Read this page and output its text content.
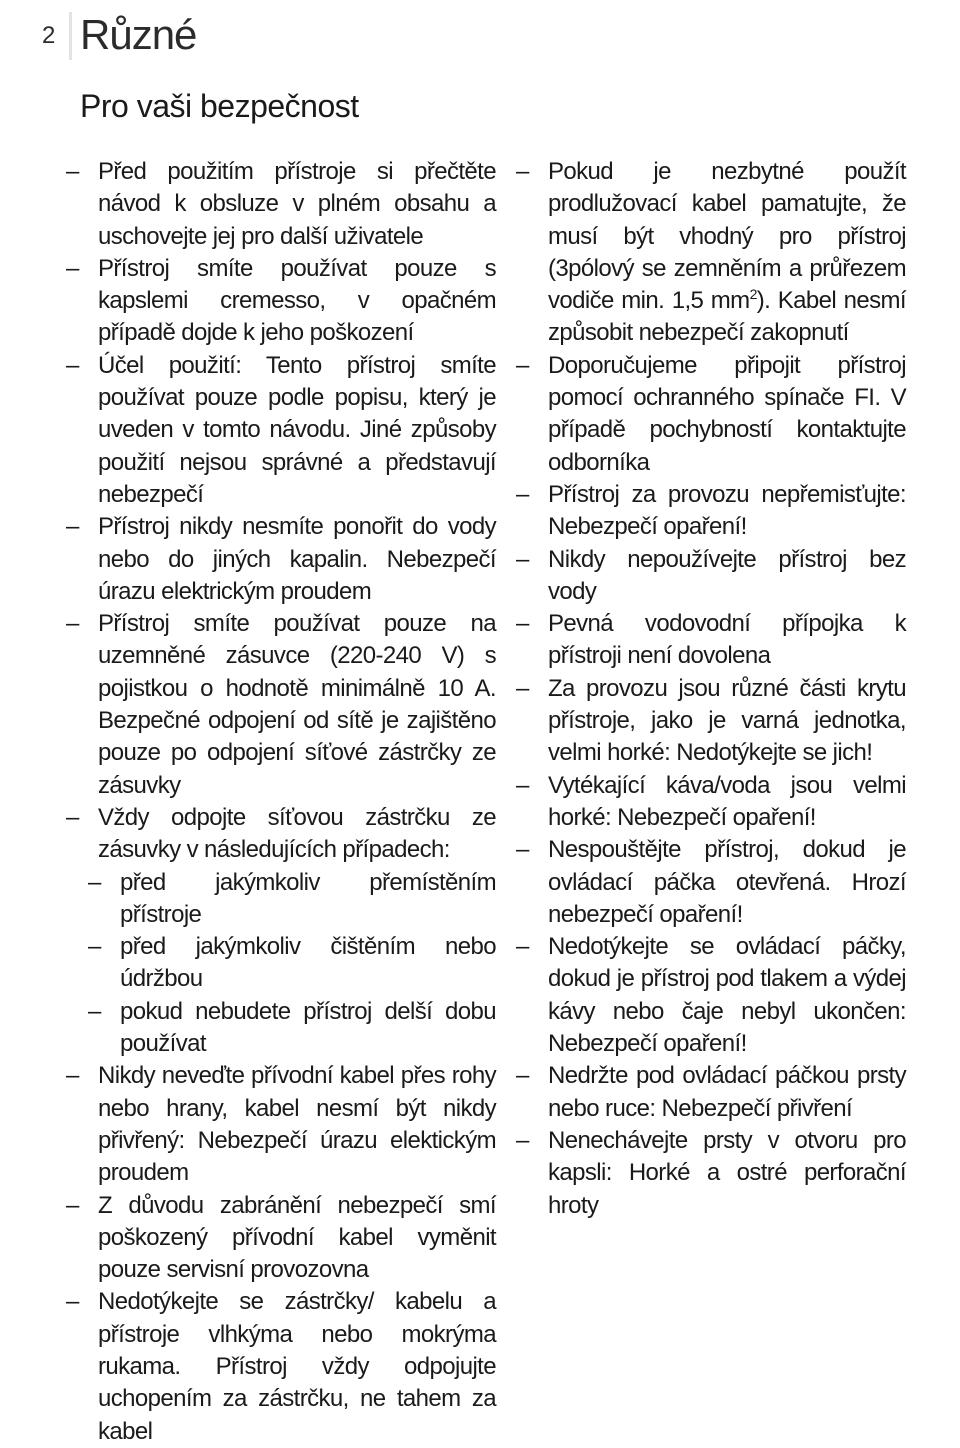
2 Různé
Pro vaši bezpečnost
– Před použitím přístroje si přečtěte návod k obsluze v plném obsahu a uschovejte jej pro další uživatele
– Přístroj smíte používat pouze s kapslemi cremesso, v opačném případě dojde k jeho poškození
– Účel použití: Tento přístroj smíte používat pouze podle popisu, který je uveden v tomto návodu. Jiné způsoby použití nejsou správné a představují nebezpečí
– Přístroj nikdy nesmíte ponořit do vody nebo do jiných kapalin. Nebezpečí úrazu elektrickým proudem
– Přístroj smíte používat pouze na uzemněné zásuvce (220-240 V) s pojistkou o hodnotě minimálně 10 A. Bezpečné odpojení od sítě je zajištěno pouze po odpojení síťové zástrčky ze zásuvky
– Vždy odpojte síťovou zástrčku ze zásuvky v následujících případech:
– před jakýmkoliv přemístěním přístroje
– před jakýmkoliv čištěním nebo údržbou
– pokud nebudete přístroj delší dobu používat
– Nikdy neveďte přívodní kabel přes rohy nebo hrany, kabel nesmí být nikdy přivřený: Nebezpečí úrazu elektickým proudem
– Z důvodu zabránění nebezpečí smí poškozený přívodní kabel vyměnit pouze servisní provozovna
– Nedotýkejte se zástrčky/ kabelu a přístroje vlhkýma nebo mokrýma rukama. Přístroj vždy odpojujte uchopením za zástrčku, ne tahem za kabel
– Pokud je nezbytné použít prodlužovací kabel pamatujte, že musí být vhodný pro přístroj (3pólový se zemněním a průřezem vodiče min. 1,5 $mm^2$). Kabel nesmí způsobit nebezpečí zakopnutí
– Doporučujeme připojit přístroj pomocí ochranného spínače FI. V případě pochybností kontaktujte odborníka
– Přístroj za provozu nepřemisťujte: Nebezpečí opaření!
– Nikdy nepoužívejte přístroj bez vody
– Pevná vodovodní přípojka k přístroji není dovolena
– Za provozu jsou různé části krytu přístroje, jako je varná jednotka, velmi horké: Nedotýkejte se jich!
– Vytékající káva/voda jsou velmi horké: Nebezpečí opaření!
– Nespouštějte přístroj, dokud je ovládací páčka otevřená. Hrozí nebezpečí opaření!
– Nedotýkejte se ovládací páčky, dokud je přístroj pod tlakem a výdej kávy nebo čaje nebyl ukončen: Nebezpečí opaření!
– Nedržte pod ovládací páčkou prsty nebo ruce: Nebezpečí přivření
– Nenechávejte prsty v otvoru pro kapsli: Horké a ostré perforační hroty
